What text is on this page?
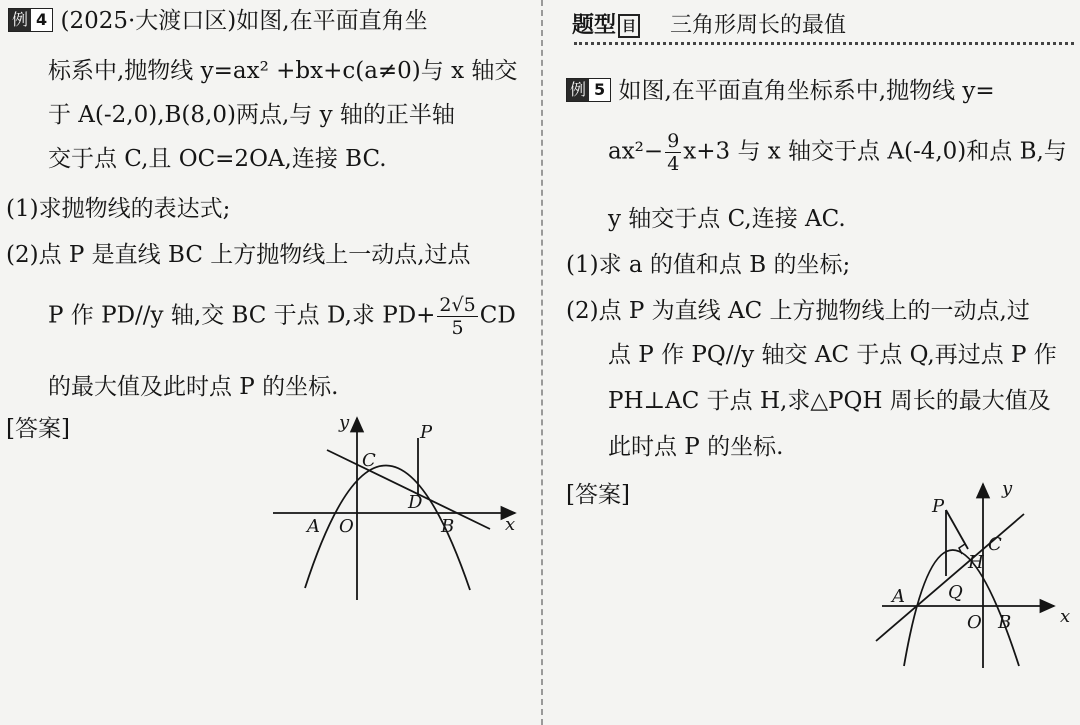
例 4 (2025·大渡口区)如图,在平面直角坐
标系中,抛物线 y=ax² +bx+c(a≠0)与 x 轴交
于 A(-2,0),B(8,0)两点,与 y 轴的正半轴
交于点 C,且 OC=2OA,连接 BC.
(1)求抛物线的表达式;
(2)点 P 是直线 BC 上方抛物线上一动点,过点
P 作 PD//y 轴,交 BC 于点 D,求 $PD+ \frac{2√5}{5}$ CD
的最大值及此时点 P 的坐标.
[答案]	y
x
P
C
D
A O	B
题型 目 三角形周长的最值
例 5 如图,在平面直角坐标系中,抛物线 y=
$ax^2- \frac{9}{4} x+3$ 与 x 轴交于点 A(-4,0)和点 B,与
y 轴交于点 C,连接 AC.
(1)求 a 的值和点 B 的坐标;
(2)点 P 为直线 AC 上方抛物线上的一动点,过
点 P 作 PQ//y 轴交 AC 于点 Q,再过点 P 作
PH⊥AC 于点 H,求△PQH 周长的最大值及
此时点 P 的坐标.
[答案]	y
x
P
C
H
Q
A
O B
